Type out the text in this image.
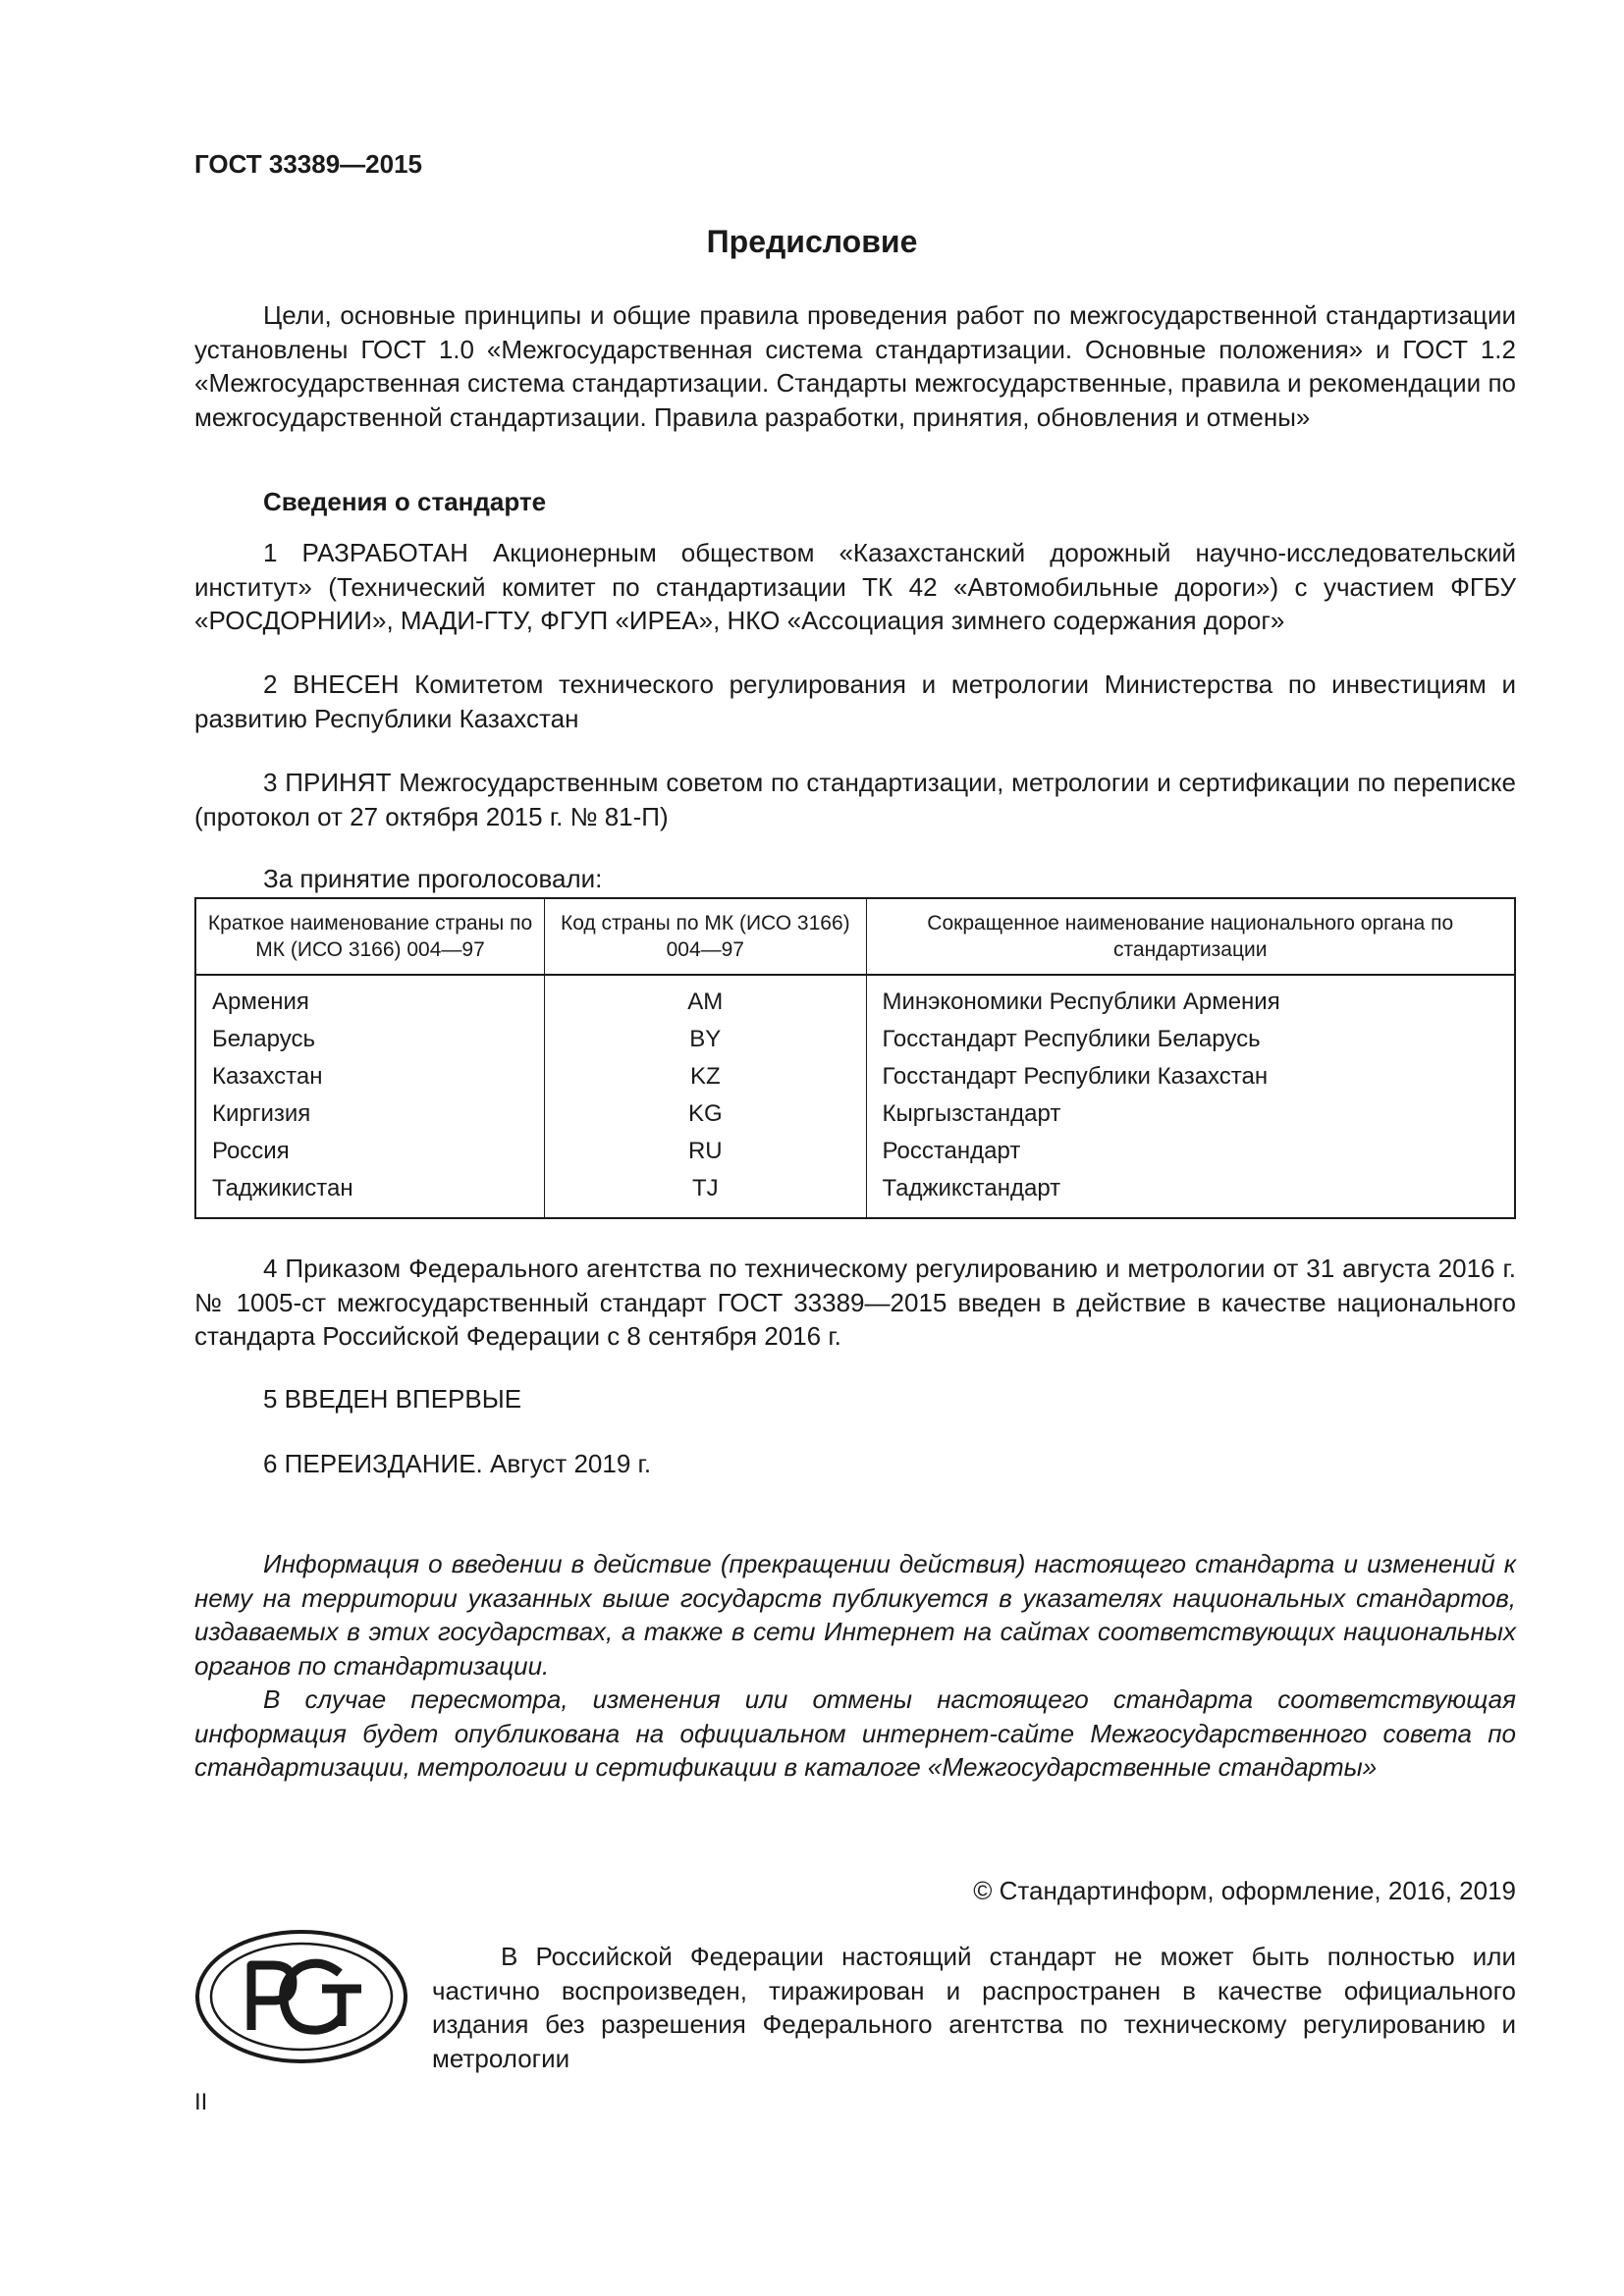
ГОСТ 33389—2015
Предисловие

Цели, основные принципы и общие правила проведения работ по межгосударственной стандартизации установлены ГОСТ 1.0 «Межгосударственная система стандартизации. Основные положения» и ГОСТ 1.2 «Межгосударственная система стандартизации. Стандарты межгосударственные, правила и рекомендации по межгосударственной стандартизации. Правила разработки, принятия, обновления и отмены»

Сведения о стандарте

1 РАЗРАБОТАН Акционерным обществом «Казахстанский дорожный научно-исследовательский институт» (Технический комитет по стандартизации ТК 42 «Автомобильные дороги») с участием ФГБУ «РОСДОРНИИ», МАДИ-ГТУ, ФГУП «ИРЕА», НКО «Ассоциация зимнего содержания дорог»

2 ВНЕСЕН Комитетом технического регулирования и метрологии Министерства по инвестициям и развитию Республики Казахстан

3 ПРИНЯТ Межгосударственным советом по стандартизации, метрологии и сертификации по переписке (протокол от 27 октября 2015 г. № 81-П)

За принятие проголосовали:
Краткое наименование страны по МК (ИСО 3166) 004—97	Код страны по МК (ИСО 3166) 004—97	Сокращенное наименование национального органа по стандартизации
Армения	AM	Минэкономики Республики Армения
Беларусь	BY	Госстандарт Республики Беларусь
Казахстан	KZ	Госстандарт Республики Казахстан
Киргизия	KG	Кыргызстандарт
Россия	RU	Росстандарт
Таджикистан	TJ	Таджикстандарт

4 Приказом Федерального агентства по техническому регулированию и метрологии от 31 августа 2016 г. № 1005-ст межгосударственный стандарт ГОСТ 33389—2015 введен в действие в качестве национального стандарта Российской Федерации с 8 сентября 2016 г.

5 ВВЕДЕН ВПЕРВЫЕ
6 ПЕРЕИЗДАНИЕ. Август 2019 г.

Информация о введении в действие (прекращении действия) настоящего стандарта и изменений к нему на территории указанных выше государств публикуется в указателях национальных стандартов, издаваемых в этих государствах, а также в сети Интернет на сайтах соответствующих национальных органов по стандартизации.

В случае пересмотра, изменения или отмены настоящего стандарта соответствующая информация будет опубликована на официальном интернет-сайте Межгосударственного совета по стандартизации, метрологии и сертификации в каталоге «Межгосударственные стандарты»

© Стандартинформ, оформление, 2016, 2019
РСТ

В Российской Федерации настоящий стандарт не может быть полностью или частично воспроизведен, тиражирован и распространен в качестве официального издания без разрешения Федерального агентства по техническому регулированию и метрологии

II
